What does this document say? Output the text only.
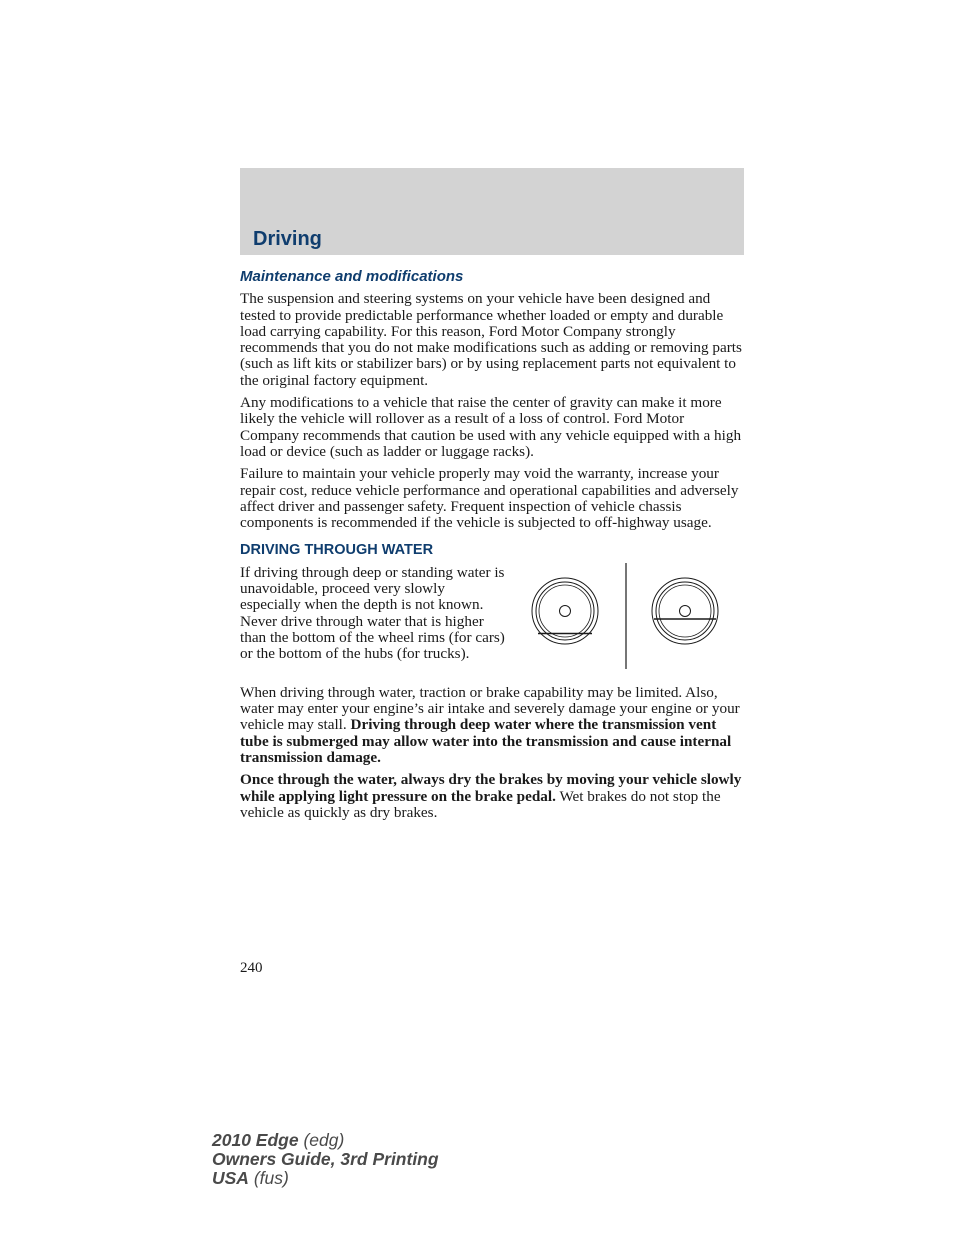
Driving
Maintenance and modifications

The suspension and steering systems on your vehicle have been designed and tested to provide predictable performance whether loaded or empty and durable load carrying capability. For this reason, Ford Motor Company strongly recommends that you do not make modifications such as adding or removing parts (such as lift kits or stabilizer bars) or by using replacement parts not equivalent to the original factory equipment.

Any modifications to a vehicle that raise the center of gravity can make it more likely the vehicle will rollover as a result of a loss of control. Ford Motor Company recommends that caution be used with any vehicle equipped with a high load or device (such as ladder or luggage racks).

Failure to maintain your vehicle properly may void the warranty, increase your repair cost, reduce vehicle performance and operational capabilities and adversely affect driver and passenger safety. Frequent inspection of vehicle chassis components is recommended if the vehicle is subjected to off-highway usage.

DRIVING THROUGH WATER
If driving through deep or standing water is unavoidable, proceed very slowly especially when the depth is not known. Never drive through water that is higher than the bottom of the wheel rims (for cars) or the bottom of the hubs (for trucks).

When driving through water, traction or brake capability may be limited. Also, water may enter your engine’s air intake and severely damage your engine or your vehicle may stall. Driving through deep water where the transmission vent tube is submerged may allow water into the transmission and cause internal transmission damage.

Once through the water, always dry the brakes by moving your vehicle slowly while applying light pressure on the brake pedal. Wet brakes do not stop the vehicle as quickly as dry brakes.

240
2010 Edge (edg)
Owners Guide, 3rd Printing
USA (fus)
